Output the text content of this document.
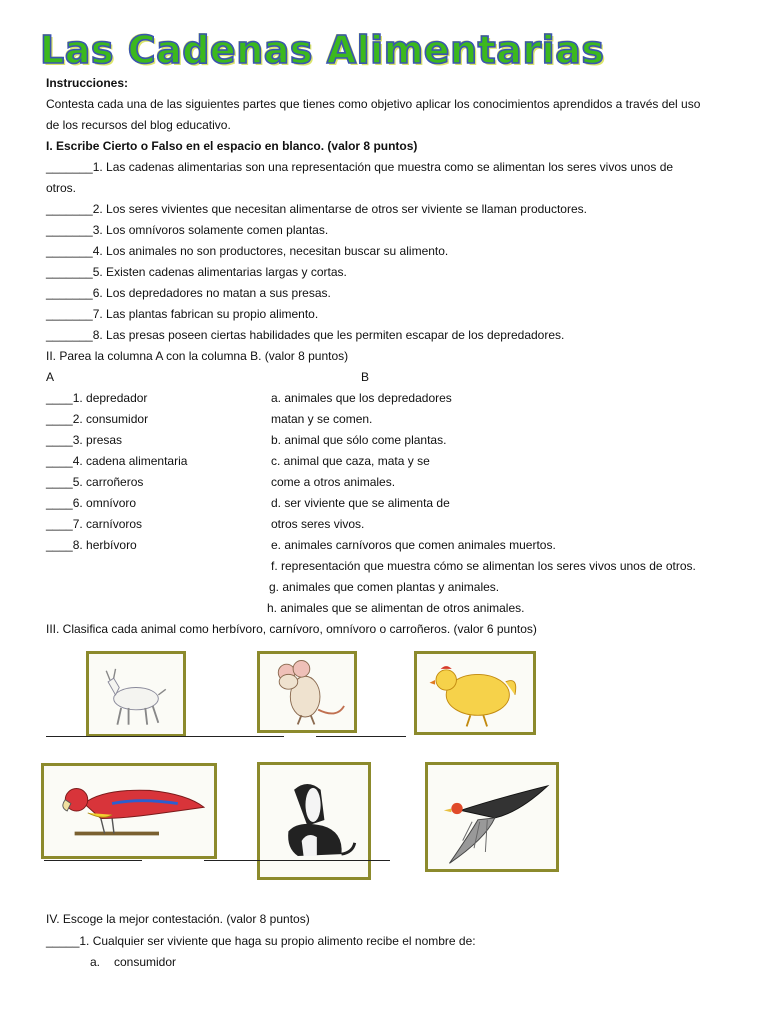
Las Cadenas Alimentarias
Instrucciones:
Contesta cada una de las siguientes partes que tienes como objetivo aplicar los conocimientos aprendidos a través del uso
de los recursos del blog educativo.
I. Escribe Cierto o Falso en el espacio en blanco. (valor 8 puntos)
_______1. Las cadenas alimentarias son una representación que muestra como se alimentan los seres vivos unos de
otros.
_______2. Los seres vivientes que necesitan alimentarse de otros ser viviente se llaman productores.
_______3. Los omnívoros solamente comen plantas.
_______4. Los animales no son productores, necesitan buscar su alimento.
_______5. Existen cadenas alimentarias largas y cortas.
_______6. Los depredadores no matan a sus presas.
_______7. Las plantas fabrican su propio alimento.
_______8. Las presas poseen ciertas habilidades que les permiten escapar de los depredadores.
II. Parea la columna A con la columna B. (valor 8 puntos)
A	B
____1. depredador
____2. consumidor
____3. presas
____4. cadena alimentaria
____5. carroñeros
____6. omnívoro
____7. carnívoros
____8. herbívoro
a. animales que los depredadores
matan y se comen.
b. animal que sólo come plantas.
c. animal que caza, mata y se
come a otros animales.
d. ser viviente que se alimenta de
otros seres vivos.
e. animales carnívoros que comen animales muertos.
f. representación que muestra cómo se alimentan los seres vivos unos de otros.
g. animales que comen plantas y animales.
h. animales que se alimentan de otros animales.
III. Clasifica cada animal como herbívoro, carnívoro, omnívoro o carroñeros. (valor 6 puntos)
IV. Escoge la mejor contestación. (valor 8 puntos)
_____1. Cualquier ser viviente que haga su propio alimento recibe el nombre de:
a. consumidor
